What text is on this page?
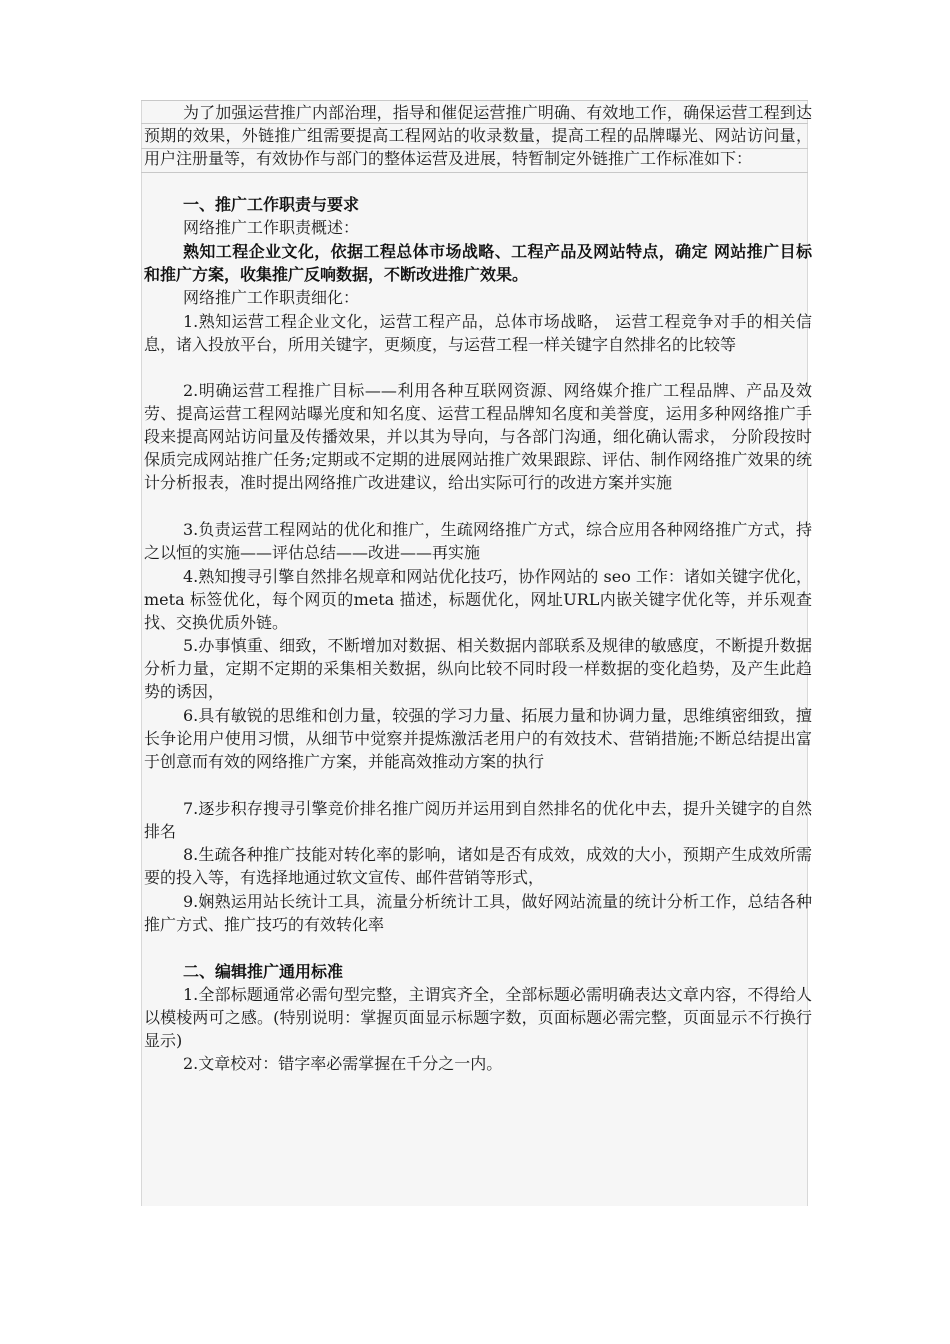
为了加强运营推广内部治理，指导和催促运营推广明确、有效地工作，确保运营工程到达预期的效果，外链推广组需要提高工程网站的收录数量，提高工程的品牌曝光、网站访问量，用户注册量等，有效协作与部门的整体运营及进展，特暂制定外链推广工作标准如下：

一、推广工作职责与要求

网络推广工作职责概述：

熟知工程企业文化，依据工程总体市场战略、工程产品及网站特点，确定 网站推广目标和推广方案，收集推广反响数据，不断改进推广效果。

网络推广工作职责细化：

1.熟知运营工程企业文化，运营工程产品，总体市场战略， 运营工程竞争对手的相关信息，诸入投放平台，所用关键字，更频度，与运营工程一样关键字自然排名的比较等

2.明确运营工程推广目标——利用各种互联网资源、网络媒介推广工程品牌、产品及效劳、提高运营工程网站曝光度和知名度、运营工程品牌知名度和美誉度，运用多种网络推广手段来提高网站访问量及传播效果，并以其为导向，与各部门沟通，细化确认需求， 分阶段按时保质完成网站推广任务;定期或不定期的进展网站推广效果跟踪、评估、制作网络推广效果的统计分析报表，准时提出网络推广改进建议，给出实际可行的改进方案并实施

3.负责运营工程网站的优化和推广，生疏网络推广方式，综合应用各种网络推广方式，持之以恒的实施——评估总结——改进——再实施

4.熟知搜寻引擎自然排名规章和网站优化技巧，协作网站的 seo 工作：诸如关键字优化，meta 标签优化，每个网页的meta 描述，标题优化，网址URL内嵌关键字优化等，并乐观查找、交换优质外链。

5.办事慎重、细致，不断增加对数据、相关数据内部联系及规律的敏感度，不断提升数据分析力量，定期不定期的采集相关数据，纵向比较不同时段一样数据的变化趋势，及产生此趋势的诱因，

6.具有敏锐的思维和创力量，较强的学习力量、拓展力量和协调力量，思维缜密细致，擅长争论用户使用习惯，从细节中觉察并提炼激活老用户的有效技术、营销措施;不断总结提出富于创意而有效的网络推广方案，并能高效推动方案的执行

7.逐步积存搜寻引擎竞价排名推广阅历并运用到自然排名的优化中去，提升关键字的自然排名

8.生疏各种推广技能对转化率的影响，诸如是否有成效，成效的大小，预期产生成效所需要的投入等，有选择地通过软文宣传、邮件营销等形式，

9.娴熟运用站长统计工具，流量分析统计工具，做好网站流量的统计分析工作，总结各种推广方式、推广技巧的有效转化率

二、编辑推广通用标准

1.全部标题通常必需句型完整，主谓宾齐全，全部标题必需明确表达文章内容，不得给人以模棱两可之感。(特别说明：掌握页面显示标题字数，页面标题必需完整，页面显示不行换行显示)

2.文章校对：错字率必需掌握在千分之一内。
